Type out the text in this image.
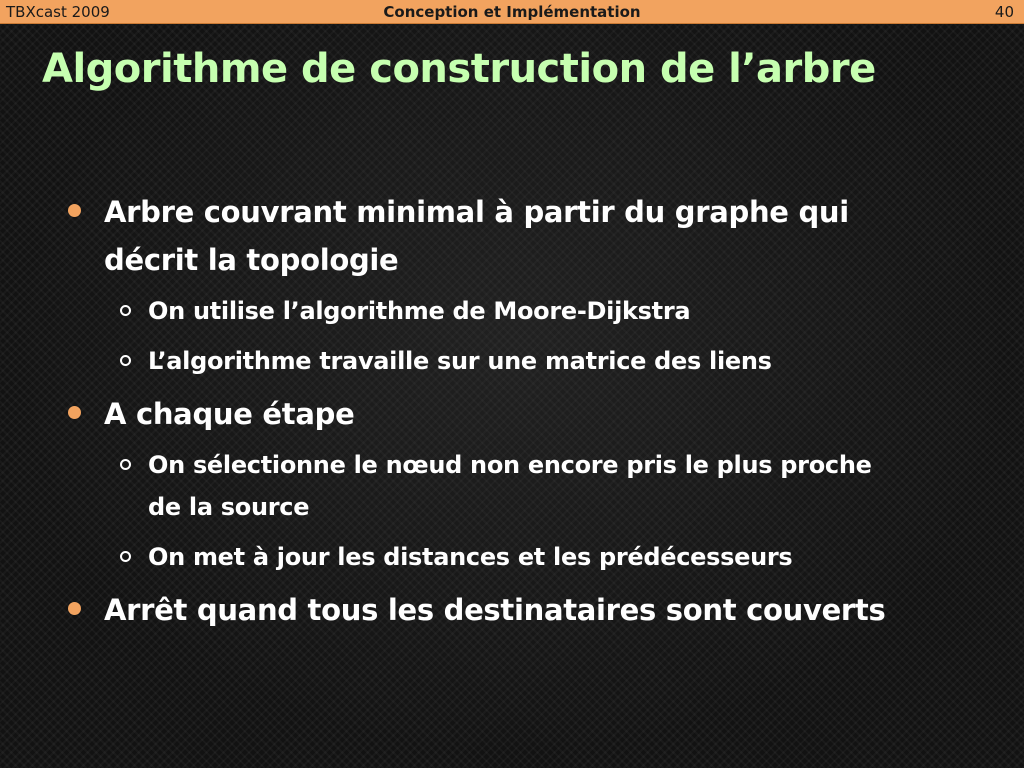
TBXcast 2009	Conception et Implémentation	40
Algorithme de construction de l’arbre
Arbre couvrant minimal à partir du graphe qui décrit la topologie
On utilise l’algorithme de Moore-Dijkstra
L’algorithme travaille sur une matrice des liens
A chaque étape
On sélectionne le nœud non encore pris le plus proche de la source
On met à jour les distances et les prédécesseurs
Arrêt quand tous les destinataires sont couverts
